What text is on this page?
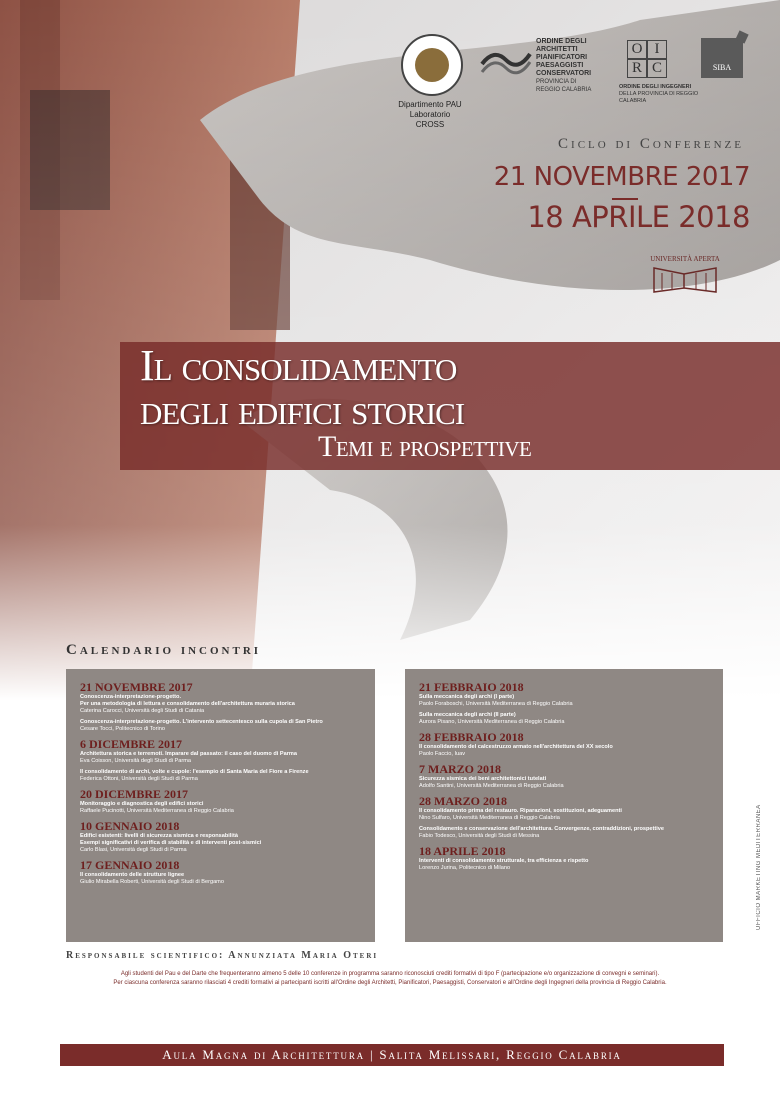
Dipartimento PAU
Laboratorio CROSS
ORDINE DEGLI
ARCHITETTI
PIANIFICATORI
PAESAGGISTI
CONSERVATORI
PROVINCIA DI
REGGIO CALABRIA
O I
R C
ORDINE DEGLI INGEGNERI
DELLA PROVINCIA DI REGGIO CALABRIA
SIBA
Ciclo di Conferenze
21 NOVEMBRE 2017
18 APRILE 2018
UNIVERSITÀ APERTA
Il consolidamento
degli edifici storici
Temi e prospettive
Calendario incontri
21 NOVEMBRE 2017
Conoscenza-interpretazione-progetto.
Per una metodologia di lettura e consolidamento dell'architettura muraria storica
Caterina Carocci, Università degli Studi di Catania
Conoscenza-interpretazione-progetto. L'intervento settecentesco sulla cupola di San Pietro
Cesare Tocci, Politecnico di Torino
6 DICEMBRE 2017
Architettura storica e terremoti. Imparare dal passato: il caso del duomo di Parma
Eva Coisson, Università degli Studi di Parma
Il consolidamento di archi, volte e cupole: l'esempio di Santa Maria del Fiore a Firenze
Federica Ottoni, Università degli Studi di Parma
20 DICEMBRE 2017
Monitoraggio e diagnostica degli edifici storici
Raffaele Pucinotti, Università Mediterranea di Reggio Calabria
10 GENNAIO 2018
Edifici esistenti: livelli di sicurezza sismica e responsabilità
Esempi significativi di verifica di stabilità e di interventi post-sismici
Carlo Blasi, Università degli Studi di Parma
17 GENNAIO 2018
Il consolidamento delle strutture lignee
Giulio Mirabella Roberti, Università degli Studi di Bergamo
21 FEBBRAIO 2018
Sulla meccanica degli archi (I parte)
Paolo Foraboschi, Università Mediterranea di Reggio Calabria
Sulla meccanica degli archi (II parte)
Aurora Pisano, Università Mediterranea di Reggio Calabria
28 FEBBRAIO 2018
Il consolidamento del calcestruzzo armato nell'architettura del XX secolo
Paolo Faccio, Iuav
7 MARZO 2018
Sicurezza sismica dei beni architettonici tutelati
Adolfo Santini, Università Mediterranea di Reggio Calabria
28 MARZO 2018
Il consolidamento prima del restauro. Riparazioni, sostituzioni, adeguamenti
Nino Sulfaro, Università Mediterranea di Reggio Calabria
Consolidamento e conservazione dell'architettura. Convergenze, contraddizioni, prospettive
Fabio Todesco, Università degli Studi di Messina
18 APRILE 2018
Interventi di consolidamento strutturale, tra efficienza e rispetto
Lorenzo Jurina, Politecnico di Milano
Responsabile scientifico: Annunziata Maria Oteri
Agli studenti del Pau e del Darte che frequenteranno almeno 5 delle 10 conferenze in programma saranno riconosciuti crediti formativi di tipo F (partecipazione e/o organizzazione di convegni e seminari).
Per ciascuna conferenza saranno rilasciati 4 crediti formativi ai partecipanti iscritti all'Ordine degli Architetti, Pianificatori, Paesaggisti, Conservatori e all'Ordine degli Ingegneri della provincia di Reggio Calabria.
Aula Magna di Architettura | Salita Melissari, Reggio Calabria
UFFICIO MARKETING MEDITERRANEA
